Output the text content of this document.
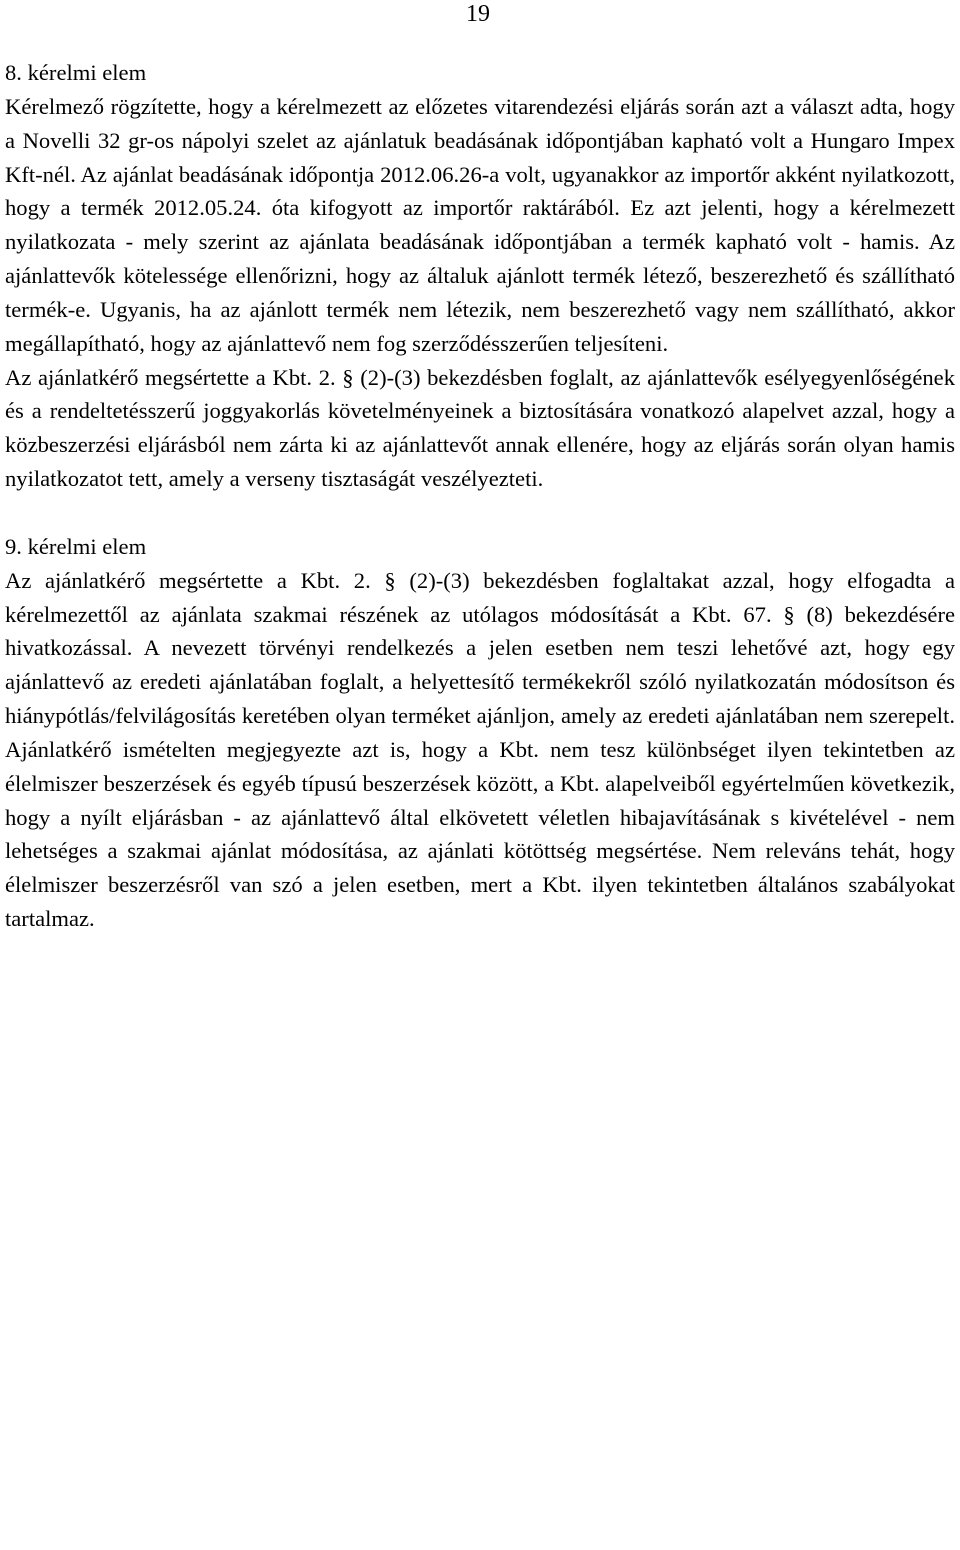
19
8. kérelmi elem

Kérelmező rögzítette, hogy a kérelmezett az előzetes vitarendezési eljárás során azt a választ adta, hogy a Novelli 32 gr-os nápolyi szelet az ajánlatuk beadásának időpontjában kapható volt a Hungaro Impex Kft-nél. Az ajánlat beadásának időpontja 2012.06.26-a volt, ugyanakkor az importőr akként nyilatkozott, hogy a termék 2012.05.24. óta kifogyott az importőr raktárából. Ez azt jelenti, hogy a kérelmezett nyilatkozata - mely szerint az ajánlata beadásának időpontjában a termék kapható volt - hamis. Az ajánlattevők kötelessége ellenőrizni, hogy az általuk ajánlott termék létező, beszerezhető és szállítható termék-e. Ugyanis, ha az ajánlott termék nem létezik, nem beszerezhető vagy nem szállítható, akkor megállapítható, hogy az ajánlattevő nem fog szerződésszerűen teljesíteni.

Az ajánlatkérő megsértette a Kbt. 2. § (2)-(3) bekezdésben foglalt, az ajánlattevők esélyegyenlőségének és a rendeltetésszerű joggyakorlás követelményeinek a biztosítására vonatkozó alapelvet azzal, hogy a közbeszerzési eljárásból nem zárta ki az ajánlattevőt annak ellenére, hogy az eljárás során olyan hamis nyilatkozatot tett, amely a verseny tisztaságát veszélyezteti.

9. kérelmi elem

Az ajánlatkérő megsértette a Kbt. 2. § (2)-(3) bekezdésben foglaltakat azzal, hogy elfogadta a kérelmezettől az ajánlata szakmai részének az utólagos módosítását a Kbt. 67. § (8) bekezdésére hivatkozással. A nevezett törvényi rendelkezés a jelen esetben nem teszi lehetővé azt, hogy egy ajánlattevő az eredeti ajánlatában foglalt, a helyettesítő termékekről szóló nyilatkozatán módosítson és hiánypótlás/felvilágosítás keretében olyan terméket ajánljon, amely az eredeti ajánlatában nem szerepelt. Ajánlatkérő ismételten megjegyezte azt is, hogy a Kbt. nem tesz különbséget ilyen tekintetben az élelmiszer beszerzések és egyéb típusú beszerzések között, a Kbt. alapelveiből egyértelműen következik, hogy a nyílt eljárásban - az ajánlattevő által elkövetett véletlen hibajavításának s kivételével - nem lehetséges a szakmai ajánlat módosítása, az ajánlati kötöttség megsértése. Nem releváns tehát, hogy élelmiszer beszerzésről van szó a jelen esetben, mert a Kbt. ilyen tekintetben általános szabályokat tartalmaz.
